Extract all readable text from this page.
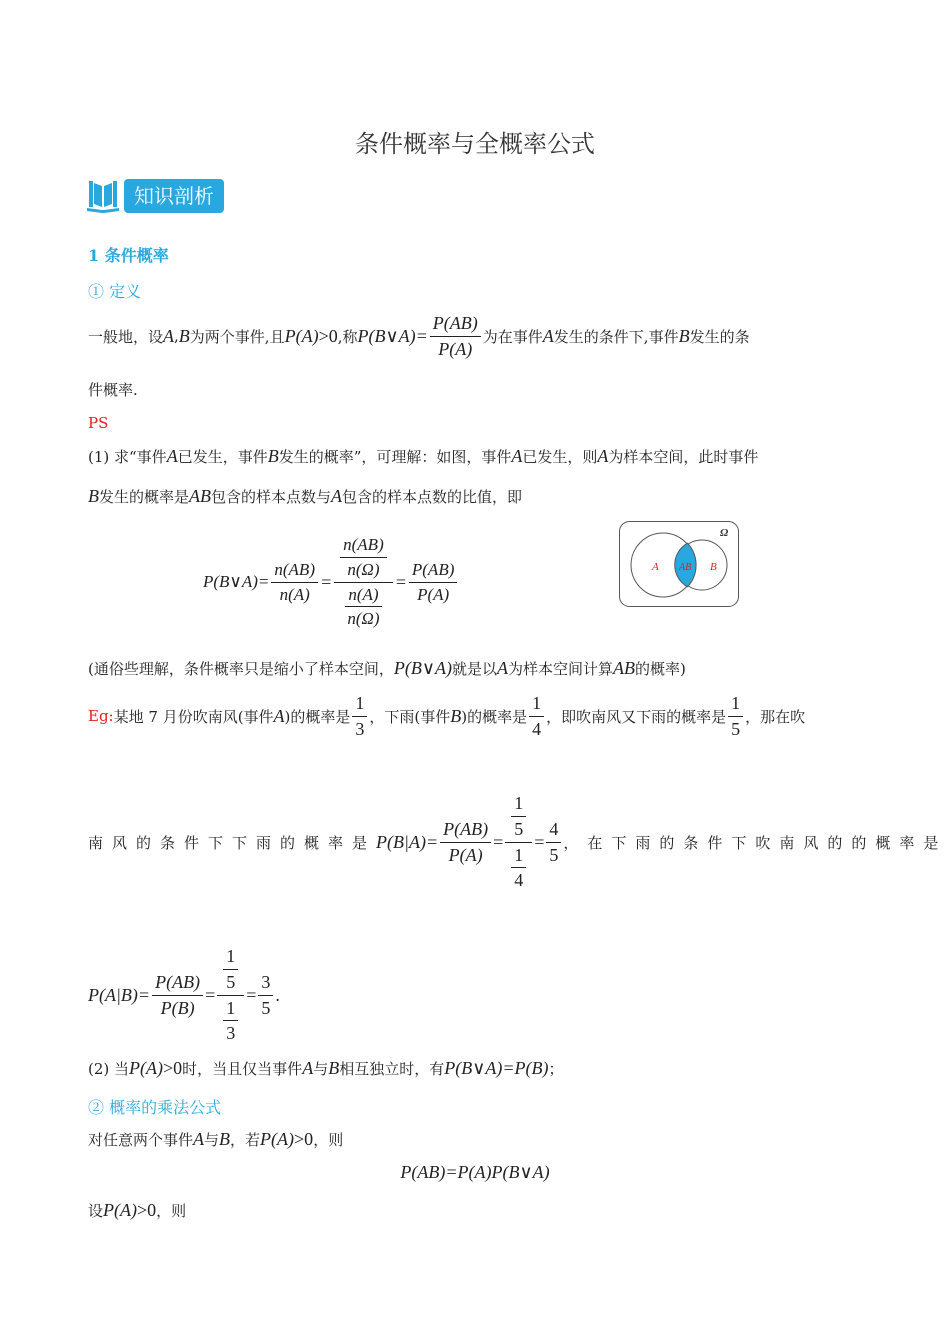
条件概率与全概率公式
知识剖析
1 条件概率
① 定义
一般地，设 A , B 为两个事件,且 P(A) >0 ,称 P(B∨A)= $\frac{P(AB)}{P(A)}$ 为在事件 A 发生的条件下,事件 B 发生的条
件概率.
PS
(1) 求“事件 A 已发生，事件 B 发生的概率”，可理解：如图，事件 A 已发生，则 A 为样本空间，此时事件
B 发生的概率是 AB 包含的样本点数与 A 包含的样本点数的比值，即
P(B∨A)= $\frac{n(AB)}{n(A)} = \frac{\frac{n(AB)}{n(\Omega)}}{\frac{n(A)}{n(\Omega)}} = \frac{P(AB)}{P(A)}$
Ω
A AB B
(通俗些理解，条件概率只是缩小了样本空间， P(B∨A) 就是以 A 为样本空间计算 AB 的概率)
Eg: 某地 7 月份吹南风(事件 A )的概率是 $\frac{1}{3}$ ，下雨(事件 B )的概率是 $\frac{1}{4}$ ，即吹南风又下雨的概率是 $\frac{1}{5}$ ，那在吹
南风的条件下下雨的概率是 $P(B|A)= \frac{P(AB)}{P(A)} = \frac{\frac{1}{5}}{\frac{1}{4}} = \frac{4}{5}$ ，在下雨的条件下吹南风的的概率是
$P(A|B)= \frac{P(AB)}{P(B)} = \frac{\frac{1}{5}}{\frac{1}{3}} = \frac{3}{5}$ .
(2) 当 P(A) >0 时，当且仅当事件 A 与 B 相互独立时，有 P(B∨A)=P(B) ；
② 概率的乘法公式
对任意两个事件 A 与 B ，若 P(A) >0 ，则
P(AB)=P(A)P(B∨A)
设 P(A) >0 ，则
